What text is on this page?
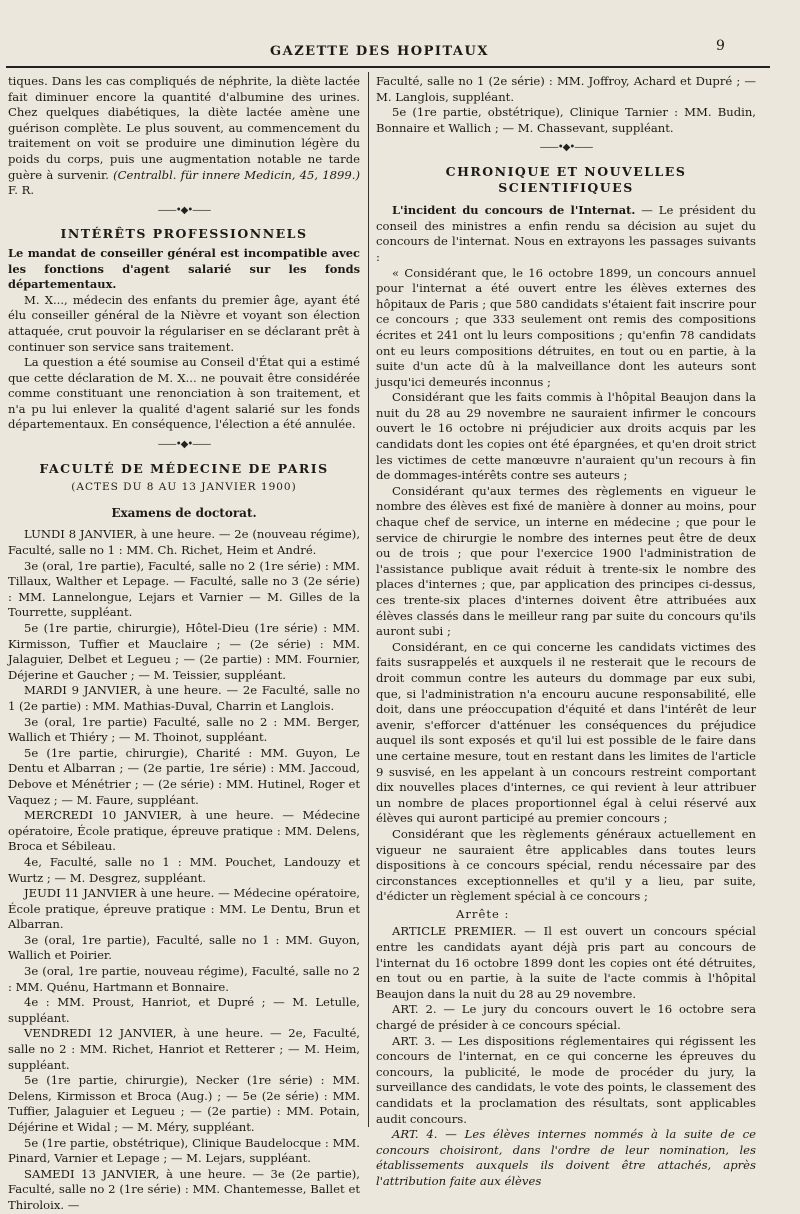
GAZETTE DES HOPITAUX	9

tiques. Dans les cas compliqués de néphrite, la diète lactée fait diminuer encore la quantité d'albumine des urines. Chez quelques diabétiques, la diète lactée amène une guérison complète. Le plus souvent, au commencement du traitement on voit se produire une diminution légère du poids du corps, puis une augmentation notable ne tarde guère à survenir. (Centralbl. für innere Medicin, 45, 1899.) F. R.

——•◆•——
INTÉRÊTS PROFESSIONNELS

Le mandat de conseiller général est incompatible avec les fonctions d'agent salarié sur les fonds départementaux.

M. X..., médecin des enfants du premier âge, ayant été élu conseiller général de la Nièvre et voyant son élection attaquée, crut pouvoir la régulariser en se déclarant prêt à continuer son service sans traitement.

La question a été soumise au Conseil d'État qui a estimé que cette déclaration de M. X... ne pouvait être considérée comme constituant une renonciation à son traitement, et n'a pu lui enlever la qualité d'agent salarié sur les fonds départementaux. En conséquence, l'élection a été annulée.

——•◆•——
FACULTÉ DE MÉDECINE DE PARIS
(ACTES DU 8 AU 13 JANVIER 1900)
Examens de doctorat.

LUNDI 8 JANVIER, à une heure. — 2e (nouveau régime), Faculté, salle no 1 : MM. Ch. Richet, Heim et André.

3e (oral, 1re partie), Faculté, salle no 2 (1re série) : MM. Tillaux, Walther et Lepage. — Faculté, salle no 3 (2e série) : MM. Lannelongue, Lejars et Varnier — M. Gilles de la Tourrette, suppléant.

5e (1re partie, chirurgie), Hôtel-Dieu (1re série) : MM. Kirmisson, Tuffier et Mauclaire ; — (2e série) : MM. Jalaguier, Delbet et Legueu ; — (2e partie) : MM. Fournier, Déjerine et Gaucher ; — M. Teissier, suppléant.

MARDI 9 JANVIER, à une heure. — 2e Faculté, salle no 1 (2e partie) : MM. Mathias-Duval, Charrin et Langlois.

3e (oral, 1re partie) Faculté, salle no 2 : MM. Berger, Wallich et Thiéry ; — M. Thoinot, suppléant.

5e (1re partie, chirurgie), Charité : MM. Guyon, Le Dentu et Albarran ; — (2e partie, 1re série) : MM. Jaccoud, Debove et Ménétrier ; — (2e série) : MM. Hutinel, Roger et Vaquez ; — M. Faure, suppléant.

MERCREDI 10 JANVIER, à une heure. — Médecine opératoire, École pratique, épreuve pratique : MM. Delens, Broca et Sébileau.

4e, Faculté, salle no 1 : MM. Pouchet, Landouzy et Wurtz ; — M. Desgrez, suppléant.

JEUDI 11 JANVIER à une heure. — Médecine opératoire, École pratique, épreuve pratique : MM. Le Dentu, Brun et Albarran.

3e (oral, 1re partie), Faculté, salle no 1 : MM. Guyon, Wallich et Poirier.

3e (oral, 1re partie, nouveau régime), Faculté, salle no 2 : MM. Quénu, Hartmann et Bonnaire.

4e : MM. Proust, Hanriot, et Dupré ; — M. Letulle, suppléant.

VENDREDI 12 JANVIER, à une heure. — 2e, Faculté, salle no 2 : MM. Richet, Hanriot et Retterer ; — M. Heim, suppléant.

5e (1re partie, chirurgie), Necker (1re série) : MM. Delens, Kirmisson et Broca (Aug.) ; — 5e (2e série) : MM. Tuffier, Jalaguier et Legueu ; — (2e partie) : MM. Potain, Déjérine et Widal ; — M. Méry, suppléant.

5e (1re partie, obstétrique), Clinique Baudelocque : MM. Pinard, Varnier et Lepage ; — M. Lejars, suppléant.

SAMEDI 13 JANVIER, à une heure. — 3e (2e partie), Faculté, salle no 2 (1re série) : MM. Chantemesse, Ballet et Thiroloix. —

Faculté, salle no 1 (2e série) : MM. Joffroy, Achard et Dupré ; — M. Langlois, suppléant.

5e (1re partie, obstétrique), Clinique Tarnier : MM. Budin, Bonnaire et Wallich ; — M. Chassevant, suppléant.

——•◆•——
CHRONIQUE ET NOUVELLES SCIENTIFIQUES

L'incident du concours de l'Internat. — Le président du conseil des ministres a enfin rendu sa décision au sujet du concours de l'internat. Nous en extrayons les passages suivants :

« Considérant que, le 16 octobre 1899, un concours annuel pour l'internat a été ouvert entre les élèves externes des hôpitaux de Paris ; que 580 candidats s'étaient fait inscrire pour ce concours ; que 333 seulement ont remis des compositions écrites et 241 ont lu leurs compositions ; qu'enfin 78 candidats ont eu leurs compositions détruites, en tout ou en partie, à la suite d'un acte dû à la malveillance dont les auteurs sont jusqu'ici demeurés inconnus ;

Considérant que les faits commis à l'hôpital Beaujon dans la nuit du 28 au 29 novembre ne sauraient infirmer le concours ouvert le 16 octobre ni préjudicier aux droits acquis par les candidats dont les copies ont été épargnées, et qu'en droit strict les victimes de cette manœuvre n'auraient qu'un recours à fin de dommages-intérêts contre ses auteurs ;

Considérant qu'aux termes des règlements en vigueur le nombre des élèves est fixé de manière à donner au moins, pour chaque chef de service, un interne en médecine ; que pour le service de chirurgie le nombre des internes peut être de deux ou de trois ; que pour l'exercice 1900 l'administration de l'assistance publique avait réduit à trente-six le nombre des places d'internes ; que, par application des principes ci-dessus, ces trente-six places d'internes doivent être attribuées aux élèves classés dans le meilleur rang par suite du concours qu'ils auront subi ;

Considérant, en ce qui concerne les candidats victimes des faits susrappelés et auxquels il ne resterait que le recours de droit commun contre les auteurs du dommage par eux subi, que, si l'administration n'a encouru aucune responsabilité, elle doit, dans une préoccupation d'équité et dans l'intérêt de leur avenir, s'efforcer d'atténuer les conséquences du préjudice auquel ils sont exposés et qu'il lui est possible de le faire dans une certaine mesure, tout en restant dans les limites de l'article 9 susvisé, en les appelant à un concours restreint comportant dix nouvelles places d'internes, ce qui revient à leur attribuer un nombre de places proportionnel égal à celui réservé aux élèves qui auront participé au premier concours ;

Considérant que les règlements généraux actuellement en vigueur ne sauraient être applicables dans toutes leurs dispositions à ce concours spécial, rendu nécessaire par des circonstances exceptionnelles et qu'il y a lieu, par suite, d'édicter un règlement spécial à ce concours ;

Arrête :

ARTICLE PREMIER. — Il est ouvert un concours spécial entre les candidats ayant déjà pris part au concours de l'internat du 16 octobre 1899 dont les copies ont été détruites, en tout ou en partie, à la suite de l'acte commis à l'hôpital Beaujon dans la nuit du 28 au 29 novembre.

ART. 2. — Le jury du concours ouvert le 16 octobre sera chargé de présider à ce concours spécial.

ART. 3. — Les dispositions réglementaires qui régissent les concours de l'internat, en ce qui concerne les épreuves du concours, la publicité, le mode de procéder du jury, la surveillance des candidats, le vote des points, le classement des candidats et la proclamation des résultats, sont applicables audit concours.

ART. 4. — Les élèves internes nommés à la suite de ce concours choisiront, dans l'ordre de leur nomination, les établissements auxquels ils doivent être attachés, après l'attribution faite aux élèves
